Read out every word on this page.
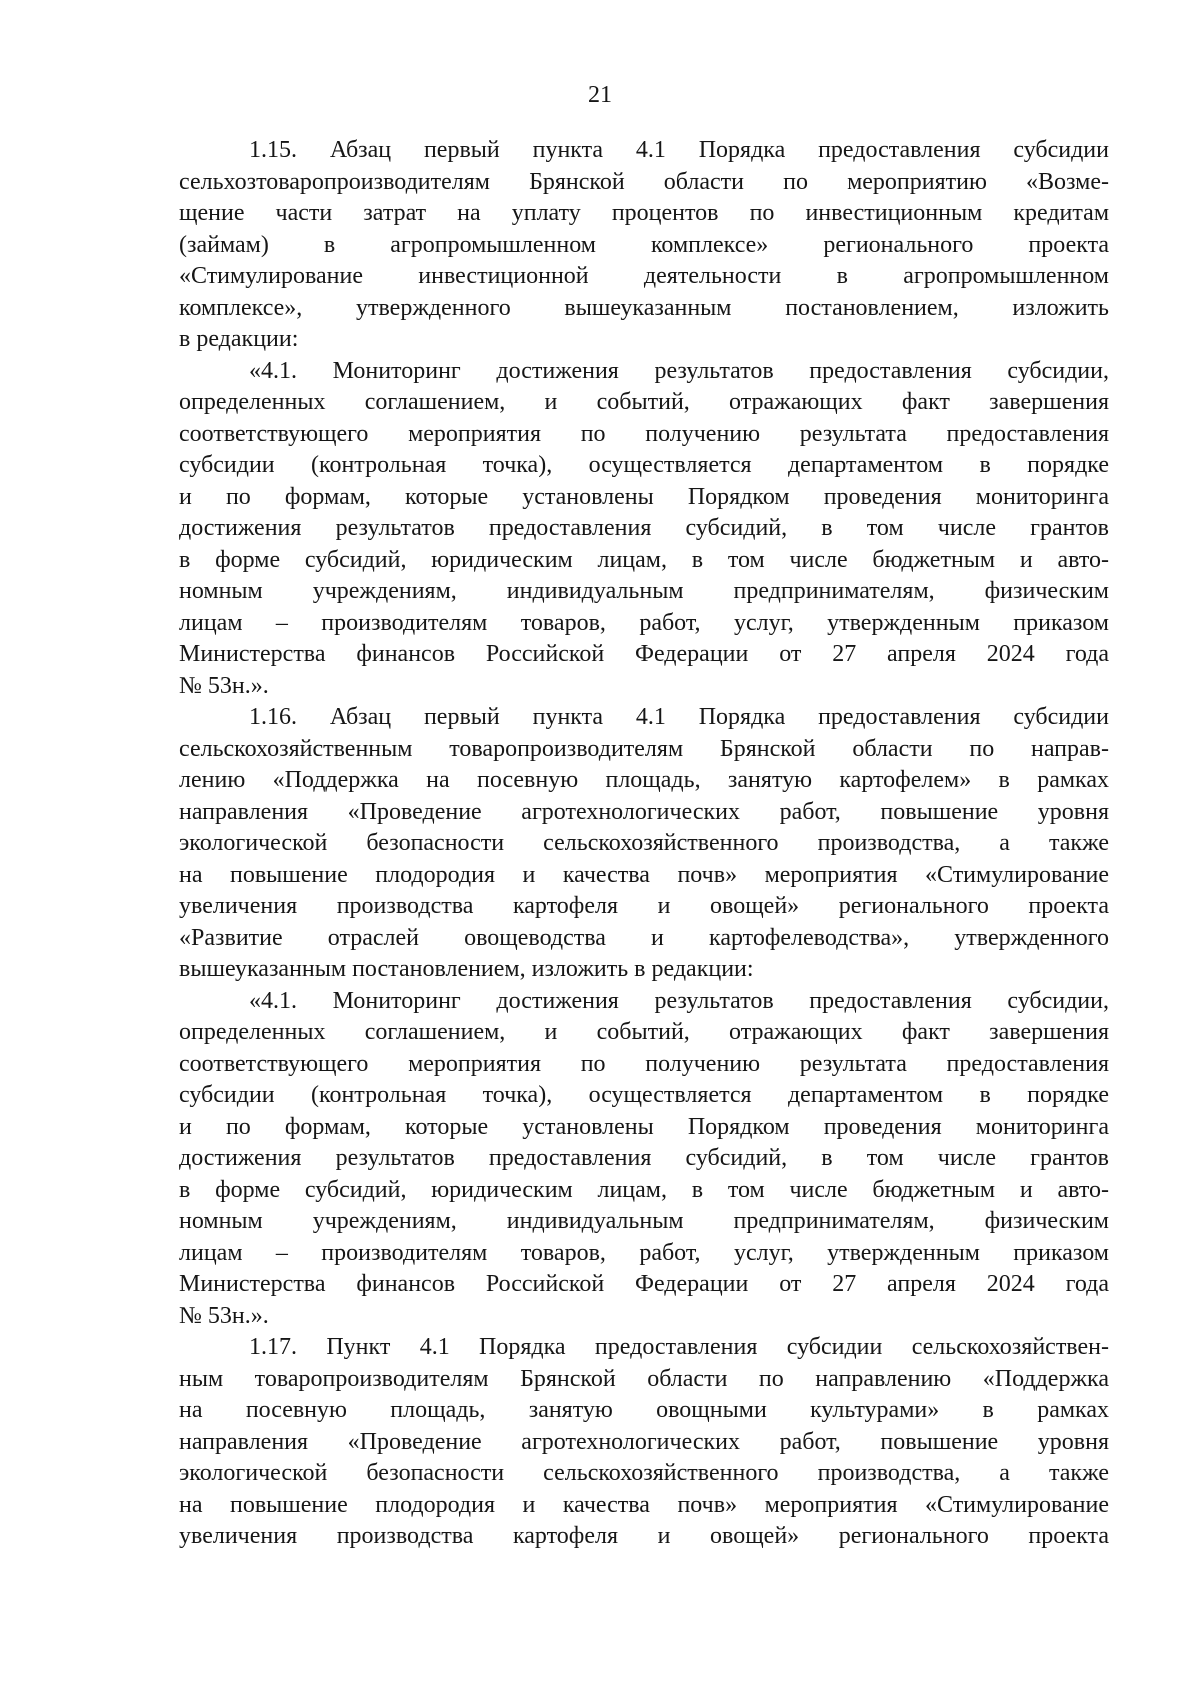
21
1.15. Абзац первый пункта 4.1 Порядка предоставления субсидии
сельхозтоваропроизводителям Брянской области по мероприятию «Возме-
щение части затрат на уплату процентов по инвестиционным кредитам
(займам) в агропромышленном комплексе» регионального проекта
«Стимулирование инвестиционной деятельности в агропромышленном
комплексе», утвержденного вышеуказанным постановлением, изложить
в редакции:
«4.1. Мониторинг достижения результатов предоставления субсидии,
определенных соглашением, и событий, отражающих факт завершения
соответствующего мероприятия по получению результата предоставления
субсидии (контрольная точка), осуществляется департаментом в порядке
и по формам, которые установлены Порядком проведения мониторинга
достижения результатов предоставления субсидий, в том числе грантов
в форме субсидий, юридическим лицам, в том числе бюджетным и авто-
номным учреждениям, индивидуальным предпринимателям, физическим
лицам – производителям товаров, работ, услуг, утвержденным приказом
Министерства финансов Российской Федерации от 27 апреля 2024 года
№ 53н.».
1.16. Абзац первый пункта 4.1 Порядка предоставления субсидии
сельскохозяйственным товаропроизводителям Брянской области по направ-
лению «Поддержка на посевную площадь, занятую картофелем» в рамках
направления «Проведение агротехнологических работ, повышение уровня
экологической безопасности сельскохозяйственного производства, а также
на повышение плодородия и качества почв» мероприятия «Стимулирование
увеличения производства картофеля и овощей» регионального проекта
«Развитие отраслей овощеводства и картофелеводства», утвержденного
вышеуказанным постановлением, изложить в редакции:
«4.1. Мониторинг достижения результатов предоставления субсидии,
определенных соглашением, и событий, отражающих факт завершения
соответствующего мероприятия по получению результата предоставления
субсидии (контрольная точка), осуществляется департаментом в порядке
и по формам, которые установлены Порядком проведения мониторинга
достижения результатов предоставления субсидий, в том числе грантов
в форме субсидий, юридическим лицам, в том числе бюджетным и авто-
номным учреждениям, индивидуальным предпринимателям, физическим
лицам – производителям товаров, работ, услуг, утвержденным приказом
Министерства финансов Российской Федерации от 27 апреля 2024 года
№ 53н.».
1.17. Пункт 4.1 Порядка предоставления субсидии сельскохозяйствен-
ным товаропроизводителям Брянской области по направлению «Поддержка
на посевную площадь, занятую овощными культурами» в рамках
направления «Проведение агротехнологических работ, повышение уровня
экологической безопасности сельскохозяйственного производства, а также
на повышение плодородия и качества почв» мероприятия «Стимулирование
увеличения производства картофеля и овощей» регионального проекта
